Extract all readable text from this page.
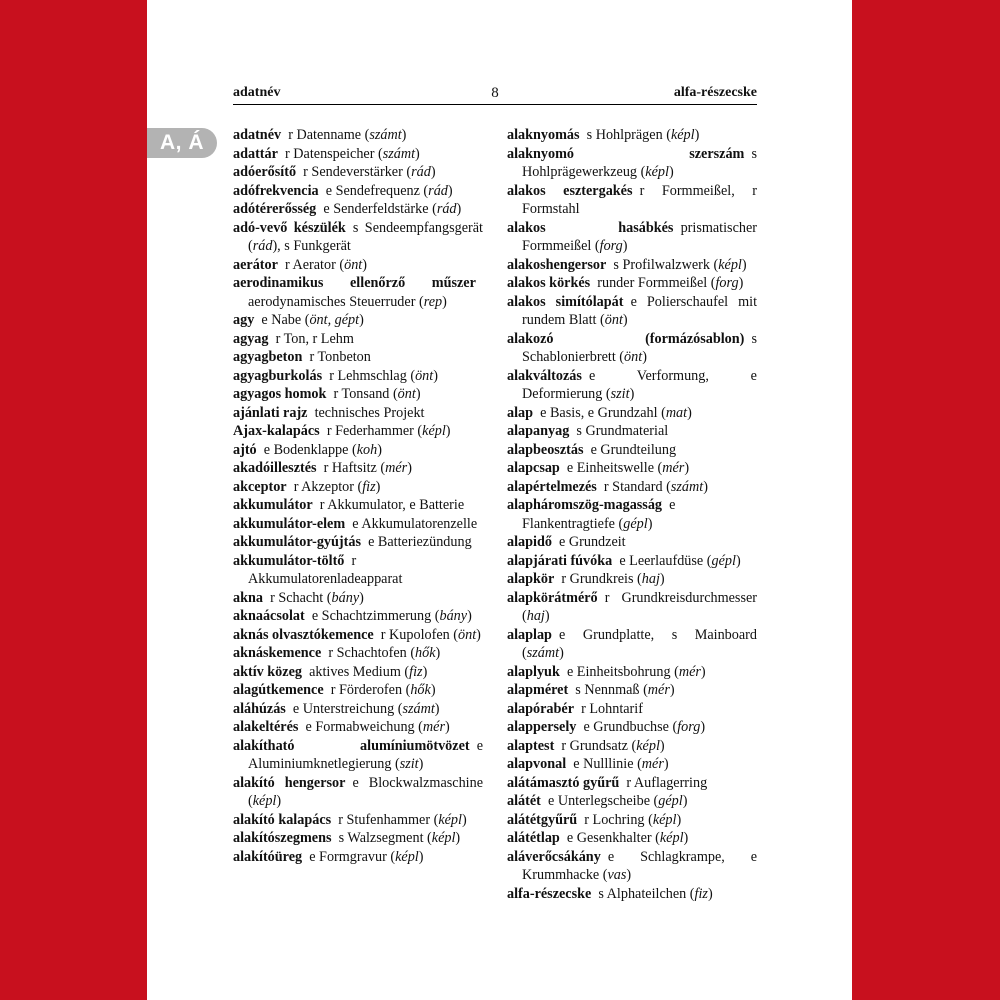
A, Á
adatnév	8	alfa-részecske
adatnév  r Datenname (számt)
adattár  r Datenspeicher (számt)
adóerősítő  r Sendeverstärker (rád)
adófrekvencia  e Sendefrequenz (rád)
adótérerősség  e Senderfeldstärke (rád)
adó-vevő készülék  s Sendeempfangsgerät (rád), s Funkgerät
aerátor  r Aerator (önt)
aerodinamikus ellenőrző műszer aerodynamisches Steuerruder (rep)
agy  e Nabe (önt, gépt)
agyag  r Ton, r Lehm
agyagbeton  r Tonbeton
agyagburkolás  r Lehmschlag (önt)
agyagos homok  r Tonsand (önt)
ajánlati rajz  technisches Projekt
Ajax-kalapács  r Federhammer (képl)
ajtó  e Bodenklappe (koh)
akadóillesztés  r Haftsitz (mér)
akceptor  r Akzeptor (fiz)
akkumulátor  r Akkumulator, e Batterie
akkumulátor-elem  e Akkumulatorenzelle
akkumulátor-gyújtás  e Batteriezündung
akkumulátor-töltő  r Akkumulatorenladeapparat
akna  r Schacht (bány)
aknaácsolat  e Schachtzimmerung (bány)
aknás olvasztókemence  r Kupolofen (önt)
aknáskemence  r Schachtofen (hők)
aktív közeg  aktives Medium (fiz)
alagútkemence  r Förderofen (hők)
aláhúzás  e Unterstreichung (számt)
alakeltérés  e Formabweichung (mér)
alakítható alumíniumötvözet  e Aluminiumknetlegierung (szit)
alakító hengersor  e Blockwalzmaschine (képl)
alakító kalapács  r Stufenhammer (képl)
alakítószegmens  s Walzsegment (képl)
alakítóüreg  e Formgravur (képl)
alaknyomás  s Hohlprägen (képl)
alaknyomó szerszám  s Hohlprägewerkzeug (képl)
alakos esztergakés  r Formmeißel, r Formstahl
alakos hasábkés  prismatischer Formmeißel (forg)
alakoshengersor  s Profilwalzwerk (képl)
alakos körkés  runder Formmeißel (forg)
alakos simítólapát  e Polierschaufel mit rundem Blatt (önt)
alakozó (formázósablon)  s Schablonierbrett (önt)
alakváltozás  e Verformung, e Deformierung (szit)
alap  e Basis, e Grundzahl (mat)
alapanyag  s Grundmaterial
alapbeosztás  e Grundteilung
alapcsap  e Einheitswelle (mér)
alapértelmezés  r Standard (számt)
alapháromszög-magasság  e Flankentragtiefe (gépl)
alapidő  e Grundzeit
alapjárati fúvóka  e Leerlaufdüse (gépl)
alapkör  r Grundkreis (haj)
alapkörátmérő  r Grundkreisdurchmesser (haj)
alaplap  e Grundplatte, s Mainboard (számt)
alaplyuk  e Einheitsbohrung (mér)
alapméret  s Nennmaß (mér)
alapórabér  r Lohntarif
alappersely  e Grundbuchse (forg)
alaptest  r Grundsatz (képl)
alapvonal  e Nulllinie (mér)
alátámasztó gyűrű  r Auflagerring
alátét  e Unterlegscheibe (gépl)
alátétgyűrű  r Lochring (képl)
alátétlap  e Gesenkhalter (képl)
aláverőcsákány  e Schlagkrampe, e Krummhacke (vas)
alfa-részecske  s Alphateilchen (fiz)
